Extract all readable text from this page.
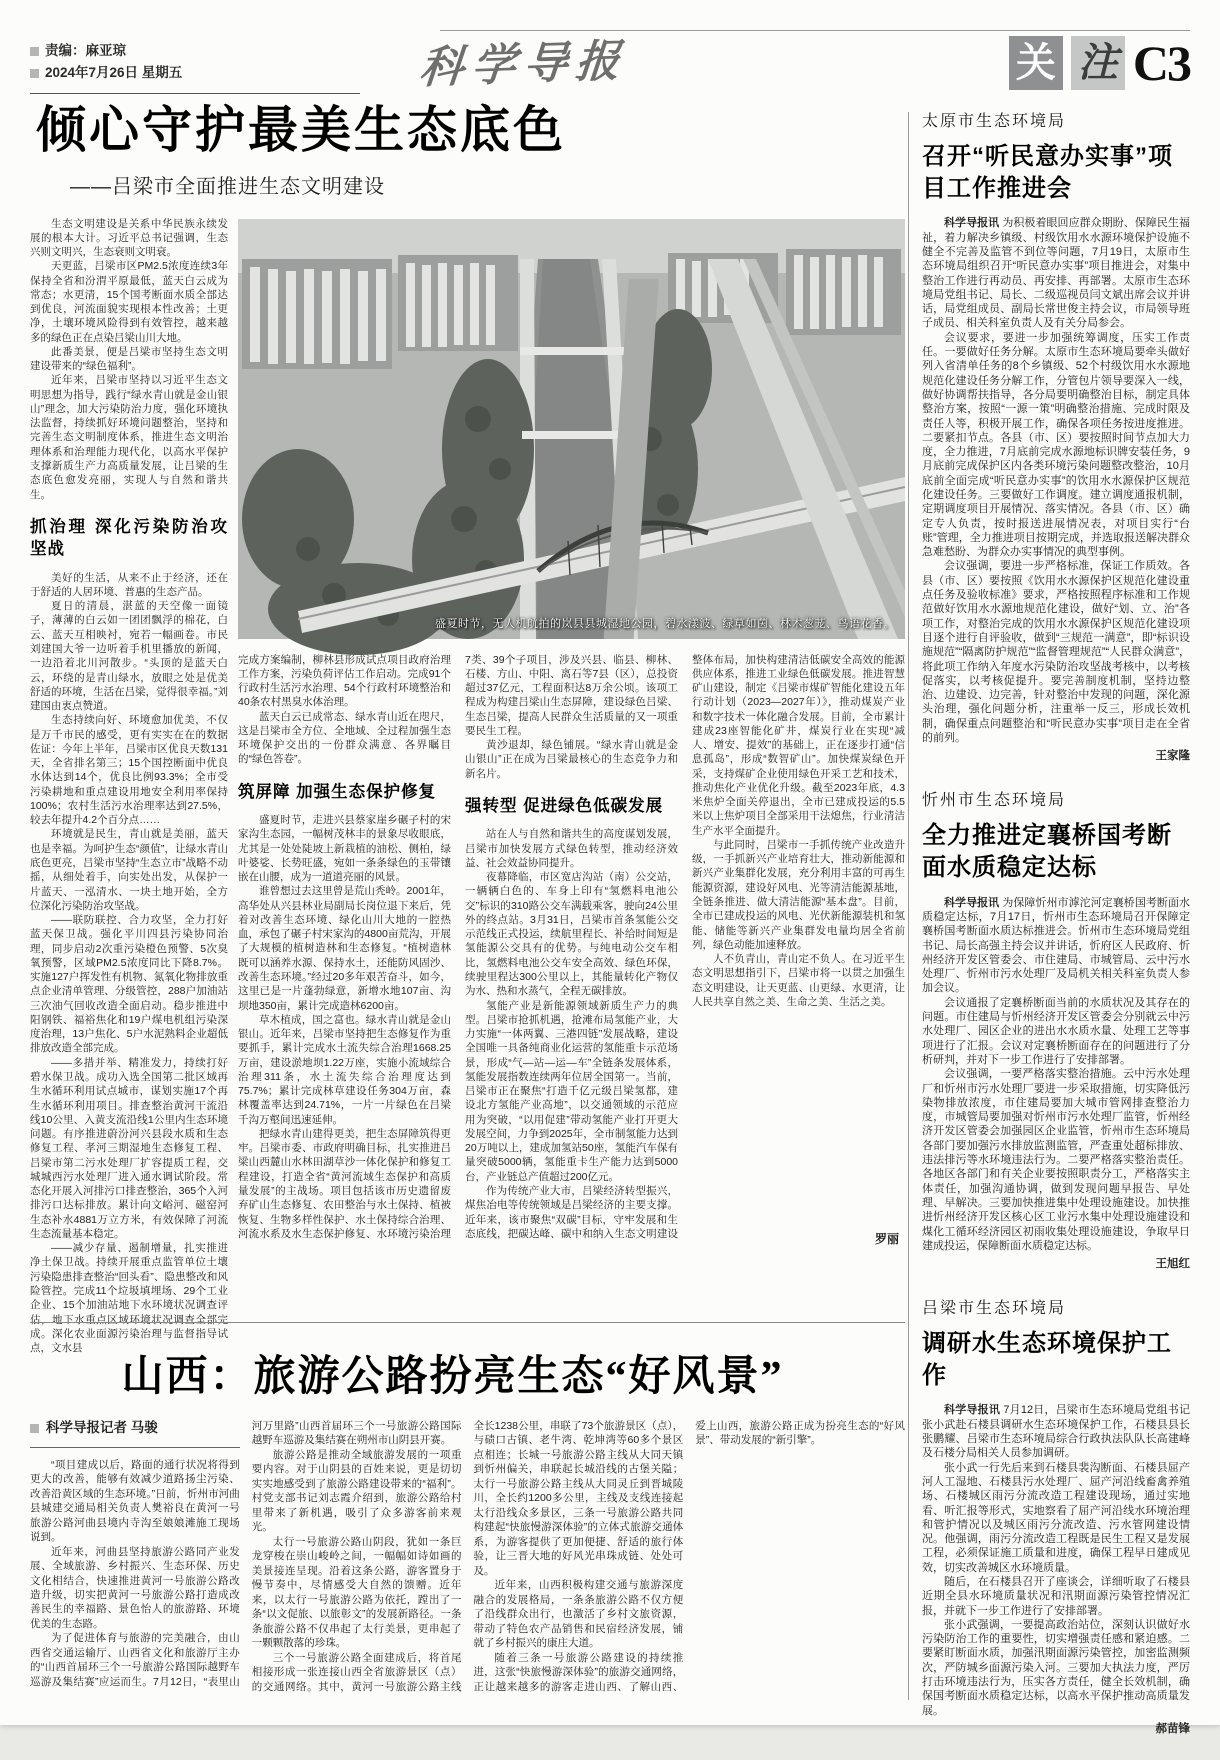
责编：麻亚琼
2024年7月26日 星期五	科学导报	关 注 C3
倾心守护最美生态底色
——吕梁市全面推进生态文明建设

生态文明建设是关系中华民族永续发展的根本大计。习近平总书记强调，生态兴则文明兴，生态衰则文明衰。

天更蓝，吕梁市区PM2.5浓度连续3年保持全省和汾渭平原最低，蓝天白云成为常态；水更清，15个国考断面水质全部达到优良，河流面貌实现根本性改善；土更净，土壤环境风险得到有效管控，越来越多的绿色正在点染吕梁山川大地。

此番美景，便是吕梁市坚持生态文明建设带来的“绿色福利”。

近年来，吕梁市坚持以习近平生态文明思想为指导，践行“绿水青山就是金山银山”理念，加大污染防治力度，强化环境执法监督，持续抓好环境问题整治，坚持和完善生态文明制度体系，推进生态文明治理体系和治理能力现代化，以高水平保护支撑新质生产力高质量发展，让吕梁的生态底色愈发亮丽，实现人与自然和谐共生。

抓治理 深化污染防治攻坚战

美好的生活，从来不止于经济，还在于舒适的人居环境、普惠的生态产品。

夏日的清晨，湛蓝的天空像一面镜子，薄薄的白云如一团团飘浮的棉花，白云、蓝天互相映衬，宛若一幅画卷。市民刘建国大爷一边听着手机里播放的新闻，一边沿着北川河散步。“头顶的是蓝天白云，环绕的是青山绿水，放眼之处是优美舒适的环境，生活在吕梁，觉得很幸福。”刘建国由衷点赞道。

生态持续向好、环境愈加优美，不仅是万千市民的感受，更有实实在在的数据佐证：今年上半年，吕梁市区优良天数131天，全省排名第三；15个国控断面中优良水体达到14个，优良比例93.3%；全市受污染耕地和重点建设用地安全利用率保持100%；农村生活污水治理率达到27.5%，较去年提升4.2个百分点……

环境就是民生，青山就是美丽，蓝天也是幸福。为呵护生态“颜值”，让绿水青山底色更亮，吕梁市坚持“生态立市”战略不动摇，从细处着手，向实处出发，从保护一片蓝天、一泓清水、一块土地开始，全方位深化污染防治攻坚战。

——联防联控、合力攻坚，全力打好蓝天保卫战。强化平川四县污染协同治理，同步启动2次重污染橙色预警、5次臭氧预警，区域PM2.5浓度同比下降8.7%。实施127户挥发性有机物、氮氧化物排放重点企业清单管理、分级管控，288户加油站三次油气回收改造全面启动。稳步推进中阳钢铁、福裕焦化和19户煤电机组污染深度治理，13户焦化、5户水泥熟料企业超低排放改造全部完成。

——多措并举、精准发力，持续打好碧水保卫战。成功入选全国第二批区域再生水循环利用试点城市，谋划实施17个再生水循环利用项目。排查整治黄河干流沿线10公里、入黄支流沿线1公里内生态环境问题。有序推进蔚汾河兴县段水质和生态修复工程、孝河三期湿地生态修复工程、吕梁市第二污水处理厂扩容提质工程，交城城西污水处理厂进入通水调试阶段。常态化开展入河排污口排查整治，365个入河排污口达标排放。累计向文峪河、磁窑河生态补水4881万立方米，有效保障了河流生态流量基本稳定。

——减少存量、遏制增量，扎实推进净土保卫战。持续开展重点监管单位土壤污染隐患排查整治“回头看”、隐患整改和风险管控。完成11个垃圾填埋场、29个工业企业、15个加油站地下水环境状况调查评估，地下水重点区域环境状况调查全部完成。深化农业面源污染治理与监督指导试点，文水县

盛夏时节，无人机航拍的岚县县城湿地公园，碧水漾波、绿草如茵、林木葱茏、鸟语花香。

完成方案编制，柳林县形成试点项目政府治理工作方案，污染负荷评估工作启动。完成91个行政村生活污水治理、54个行政村环境整治和40条农村黑臭水体治理。

蓝天白云已成常态、绿水青山近在咫尺，这是吕梁市全方位、全地域、全过程加强生态环境保护交出的一份群众满意、各界瞩目的“绿色答卷”。

筑屏障 加强生态保护修复

盛夏时节，走进兴县蔡家崖乡碾子村的宋家沟生态园，一幅树茂林丰的景象尽收眼底，尤其是一处处陡坡上新栽植的油松、侧柏，绿叶婆娑、长势旺盛，宛如一条条绿色的玉带镶嵌在山腰，成为一道道亮丽的风景。

谁曾想过去这里曾是荒山秃岭。2001年，高华处从兴县林业局副局长岗位退下来后，凭着对改善生态环境、绿化山川大地的一腔热血，承包了碾子村宋家沟的4800亩荒沟，开展了大规模的植树造林和生态修复。“植树造林既可以涵养水源、保持水土，还能防风固沙、改善生态环境。”经过20多年艰苦奋斗，如今，这里已是一片蓬勃绿意，新增水地107亩、沟坝地350亩，累计完成造林6200亩。

草木植成，国之富也。绿水青山就是金山银山。近年来，吕梁市坚持把生态修复作为重要抓手，累计完成水土流失综合治理1668.25万亩，建设淤地坝1.22万座，实施小流域综合治理311条，水土流失综合治理度达到75.7%；累计完成林草建设任务304万亩，森林覆盖率达到24.71%，一片一片绿色在吕梁千沟万壑间迅速延伸。

把绿水青山建得更美，把生态屏障筑得更牢。吕梁市委、市政府明确目标，扎实推进吕梁山西麓山水林田湖草沙一体化保护和修复工程建设，打造全省“黄河流域生态保护和高质量发展”的主战场。项目包括该市历史遗留废弃矿山生态修复、农田整治与水土保持、植被恢复、生物多样性保护、水土保持综合治理、河流水系及水生态保护修复、水环境污染治理7类、39个子项目，涉及兴县、临县、柳林、石楼、方山、中阳、离石等7县（区），总投资超过37亿元，工程面积达8万余公顷。该项工程成为构建吕梁山生态屏障，建设绿色吕梁、生态吕梁，提高人民群众生活质量的又一项重要民生工程。

黄沙退却，绿色铺展。“绿水青山就是金山银山”正在成为吕梁最核心的生态竞争力和新名片。

强转型 促进绿色低碳发展

站在人与自然和谐共生的高度谋划发展，吕梁市加快发展方式绿色转型，推动经济效益、社会效益协同提升。

夜幕降临，市区宽店沟站（南）公交站，一辆辆白色的、车身上印有“氢燃料电池公交”标识的310路公交车满载乘客，驶向24公里外的终点站。3月31日，吕梁市首条氢能公交示范线正式投运，续航里程长、补给时间短是氢能源公交具有的优势。与纯电动公交车相比，氢燃料电池公交车安全高效、绿色环保，续驶里程达300公里以上，其能量转化产物仅为水、热和水蒸气，全程无碳排放。

氢能产业是新能源领域新质生产力的典型。吕梁市抢抓机遇，抢滩布局氢能产业，大力实施“一体两翼、三港四链”发展战略，建设全国唯一具备纯商业化运营的氢能重卡示范场景，形成“气—站—运—车”全链条发展体系，氢能发展指数连续两年位居全国第一。当前，吕梁市正在聚焦“打造千亿元级吕梁氢都，建设北方氢能产业高地”，以交通领域的示范应用为突破，“以用促建”带动氢能产业打开更大发展空间，力争到2025年，全市制氢能力达到20万吨以上，建成加氢站50座，氢能汽车保有量突破5000辆，氢能重卡生产能力达到5000台，产业链总产值超过200亿元。

作为传统产业大市，吕梁经济转型振兴，煤焦冶电等传统领域是吕梁经济的主要支撑。近年来，该市聚焦“双碳”目标，守牢发展和生态底线，把碳达峰、碳中和纳入生态文明建设整体布局，加快构建清洁低碳安全高效的能源供应体系，推进工业绿色低碳发展。推进智慧矿山建设，制定《吕梁市煤矿智能化建设五年行动计划（2023—2027年）》，推动煤炭产业和数字技术一体化融合发展。目前，全市累计建成23座智能化矿井，煤炭行业在实现“减人、增安、提效”的基础上，正在逐步打通“信息孤岛”，形成“数智矿山”。加快煤炭绿色开采，支持煤矿企业使用绿色开采工艺和技术，推动焦化产业优化升级。截至2023年底，4.3米焦炉全面关停退出，全市已建成投运的5.5米以上焦炉项目全部采用干法熄焦，行业清洁生产水平全面提升。

与此同时，吕梁市一手抓传统产业改造升级，一手抓新兴产业培育壮大，推动新能源和新兴产业集群化发展，充分利用丰富的可再生能源资源，建设好风电、光等清洁能源基地，全链条推进、做大清洁能源“基本盘”。目前，全市已建成投运的风电、光伏新能源装机和氢能、储能等新兴产业集群发电量均居全省前列，绿色动能加速释放。

人不负青山，青山定不负人。在习近平生态文明思想指引下，吕梁市将一以贯之加强生态文明建设，让天更蓝、山更绿、水更清，让人民共享自然之美、生命之美、生活之美。

罗丽
太原市生态环境局
召开“听民意办实事”项目工作推进会

科学导报讯 为积极着眼回应群众期盼、保障民生福祉，着力解决乡镇级、村级饮用水水源环境保护设施不健全不完善及监管不到位等问题，7月19日，太原市生态环境局组织召开“听民意办实事”项目推进会，对集中整治工作进行再动员、再安排、再部署。太原市生态环境局党组书记、局长、二级巡视员闫文斌出席会议并讲话，局党组成员、副局长常世俊主持会议，市局领导班子成员、相关科室负责人及有关分局参会。

会议要求，要进一步加强统筹调度，压实工作责任。一要做好任务分解。太原市生态环境局要牵头做好列入省清单任务的8个乡镇级、52个村级饮用水水源地规范化建设任务分解工作，分管包片领导要深入一线，做好协调帮扶指导，各分局要明确整治目标，制定具体整治方案，按照“一源一策”明确整治措施、完成时限及责任人等，积极开展工作，确保各项任务按进度推进。二要紧扣节点。各县（市、区）要按照时间节点加大力度，全力推进，7月底前完成水源地标识牌安装任务，9月底前完成保护区内各类环境污染问题整改整治，10月底前全面完成“听民意办实事”的饮用水水源保护区规范化建设任务。三要做好工作调度。建立调度通报机制，定期调度项目开展情况、落实情况。各县（市、区）确定专人负责，按时报送进展情况表，对项目实行“台账”管理，全力推进项目按期完成，并选取报送解决群众急难愁盼、为群众办实事情况的典型事例。

会议强调，要进一步严格标准，保证工作质效。各县（市、区）要按照《饮用水水源保护区规范化建设重点任务及验收标准》要求，严格按照程序标准和工作规范做好饮用水水源地规范化建设，做好“划、立、治”各项工作，对整治完成的饮用水水源保护区规范化建设项目逐个进行自评验收，做到“三规范一满意”，即“标识设施规范”“隔离防护规范”“监督管理规范”“人民群众满意”，将此项工作纳入年度水污染防治攻坚战考核中，以考核促落实，以考核促提升。要完善制度机制，坚持边整治、边建设、边完善，针对整治中发现的问题，深化源头治理，强化问题分析，注重举一反三，形成长效机制，确保重点问题整治和“听民意办实事”项目走在全省的前列。

王家隆
忻州市生态环境局
全力推进定襄桥国考断面水质稳定达标

科学导报讯 为保障忻州市滹沱河定襄桥国考断面水质稳定达标，7月17日，忻州市生态环境局召开保障定襄桥国考断面水质达标推进会。忻州市生态环境局党组书记、局长高强主持会议并讲话，忻府区人民政府、忻州经济开发区管委会、市住建局、市城管局、云中污水处理厂、忻州市污水处理厂及局机关相关科室负责人参加会议。

会议通报了定襄桥断面当前的水质状况及其存在的问题。市住建局与忻州经济开发区管委会分别就云中污水处理厂、园区企业的进出水水质水量、处理工艺等事项进行了汇报。会议对定襄桥断面存在的问题进行了分析研判，并对下一步工作进行了安排部署。

会议强调，一要严格落实整治措施。云中污水处理厂和忻州市污水处理厂要进一步采取措施，切实降低污染物排放浓度，市住建局要加大城市管网排查整治力度，市城管局要加强对忻州市污水处理厂监管，忻州经济开发区管委会加强园区企业监管，忻州市生态环境局各部门要加强污水排放监测监管，严查重处超标排放、违法排污等水环境违法行为。二要严格落实整治责任。各地区各部门和有关企业要按照职责分工，严格落实主体责任，加强沟通协调，做到发现问题早报告、早处理、早解决。三要加快推进集中处理设施建设。加快推进忻州经济开发区核心区工业污水集中处理设施建设和煤化工循环经济园区初雨收集处理设施建设，争取早日建成投运，保障断面水质稳定达标。

王旭红
吕梁市生态环境局
调研水生态环境保护工作

科学导报讯 7月12日，吕梁市生态环境局党组书记张小武赴石楼县调研水生态环境保护工作，石楼县县长张鹏耀、吕梁市生态环境局综合行政执法队队长高建峰及石楼分局相关人员参加调研。

张小武一行先后来到石楼县裴沟断面、石楼县屈产河人工湿地、石楼县污水处理厂、屈产河沿线畜禽养殖场、石楼城区雨污分流改造工程建设现场，通过实地看、听汇报等形式，实地察看了屈产河沿线水环境治理和管护情况以及城区雨污分流改造、污水管网建设情况。他强调，雨污分流改造工程既是民生工程又是发展工程，必须保证施工质量和进度，确保工程早日建成见效，切实改善城区水环境质量。

随后，在石楼县召开了座谈会，详细听取了石楼县近期全县水环境质量状况和汛期面源污染管控情况汇报，并就下一步工作进行了安排部署。

张小武强调，一要提高政治站位，深刻认识做好水污染防治工作的重要性，切实增强责任感和紧迫感。二要紧盯断面水质，加强汛期面源污染管控，加密监测频次，严防城乡面源污染入河。三要加大执法力度，严厉打击环境违法行为，压实各方责任，健全长效机制，确保国考断面水质稳定达标，以高水平保护推动高质量发展。

郝苗锋
山西：旅游公路扮亮生态“好风景”
科学导报记者 马骏

“项目建成以后，路面的通行状况将得到更大的改善，能够有效减少道路扬尘污染、改善沿黄区域的生态环境。”日前，忻州市河曲县城建交通局相关负责人樊裕良在黄河一号旅游公路河曲县境内寺沟至娘娘滩施工现场说到。

近年来，河曲县坚持旅游公路同产业发展、全域旅游、乡村振兴、生态环保、历史文化相结合，快速推进黄河一号旅游公路改造升级，切实把黄河一号旅游公路打造成改善民生的幸福路、景色怡人的旅游路、环境优美的生态路。

为了促进体育与旅游的完美融合，由山西省交通运输厅、山西省文化和旅游厅主办的“山西首届环三个一号旅游公路国际越野车巡游及集结赛”应运而生。7月12日，“表里山河万里路”山西首届环三个一号旅游公路国际越野车巡游及集结赛在朔州市山阴县开赛。

旅游公路是推动全域旅游发展的一项重要内容。对于山阴县的百姓来说，更是切切实实地感受到了旅游公路建设带来的“福利”。村党支部书记刘志霞介绍到，旅游公路给村里带来了新机遇，吸引了众多游客前来观光。

太行一号旅游公路山阴段，犹如一条巨龙穿梭在崇山峻岭之间，一幅幅如诗如画的美景接连呈现。沿着这条公路，游客置身于慢节奏中，尽情感受大自然的馈赠。近年来，以太行一号旅游公路为依托，蹚出了一条“以文促旅、以旅彰文”的发展新路径。一条条旅游公路不仅串起了太行美景，更串起了一颗颗散落的珍珠。

三个一号旅游公路全面建成后，将首尾相接形成一张连接山西全省旅游景区（点）的交通网络。其中，黄河一号旅游公路主线全长1238公里，串联了73个旅游景区（点），与碛口古镇、老牛湾、乾坤湾等60多个景区点相连；长城一号旅游公路主线从大同天镇到忻州偏关，串联起长城沿线的古堡关隘；太行一号旅游公路主线从大同灵丘到晋城陵川，全长约1200多公里，主线及支线连接起太行沿线众多景区，三条一号旅游公路共同构建起“快旅慢游深体验”的立体式旅游交通体系，为游客提供了更加便捷、舒适的旅行体验，让三晋大地的好风光串珠成链、处处可及。

近年来，山西积极构建交通与旅游深度融合的发展格局，一条条旅游公路不仅方便了沿线群众出行，也激活了乡村文旅资源，带动了特色农产品销售和民宿经济发展，铺就了乡村振兴的康庄大道。

随着三条一号旅游公路建设的持续推进，这张“快旅慢游深体验”的旅游交通网络，正让越来越多的游客走进山西、了解山西、爱上山西，旅游公路正成为扮亮生态的“好风景”、带动发展的“新引擎”。
